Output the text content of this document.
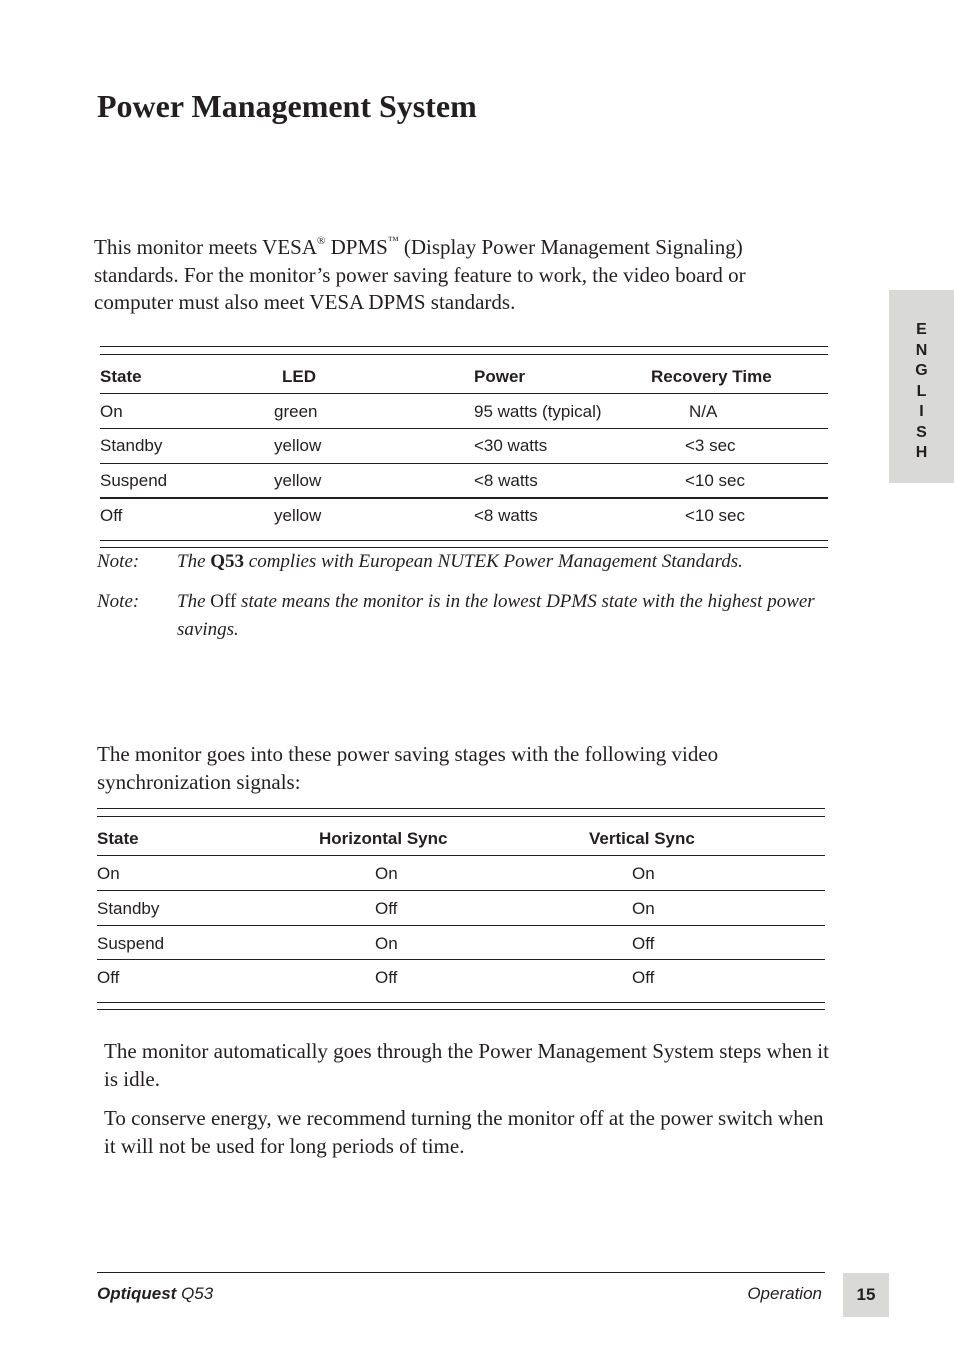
Power Management System

This monitor meets VESA® DPMS™ (Display Power Management Signaling) standards. For the monitor’s power saving feature to work, the video board or computer must also meet VESA DPMS standards.

State	LED	Power	Recovery Time
On	green	95 watts (typical)	N/A
Standby	yellow	<30 watts	<3 sec
Suspend	yellow	<8 watts	<10 sec
Off	yellow	<8 watts	<10 sec
Note: The Q53 complies with European NUTEK Power Management Standards.
Note: The Off state means the monitor is in the lowest DPMS state with the highest power savings.

The monitor goes into these power saving stages with the following video synchronization signals:

State	Horizontal Sync	Vertical Sync
On	On	On
Standby	Off	On
Suspend	On	Off
Off	Off	Off

The monitor automatically goes through the Power Management System steps when it is idle.

To conserve energy, we recommend turning the monitor off at the power switch when it will not be used for long periods of time.

E
N
G
L
I
S
H
Optiquest Q53	Operation	15
